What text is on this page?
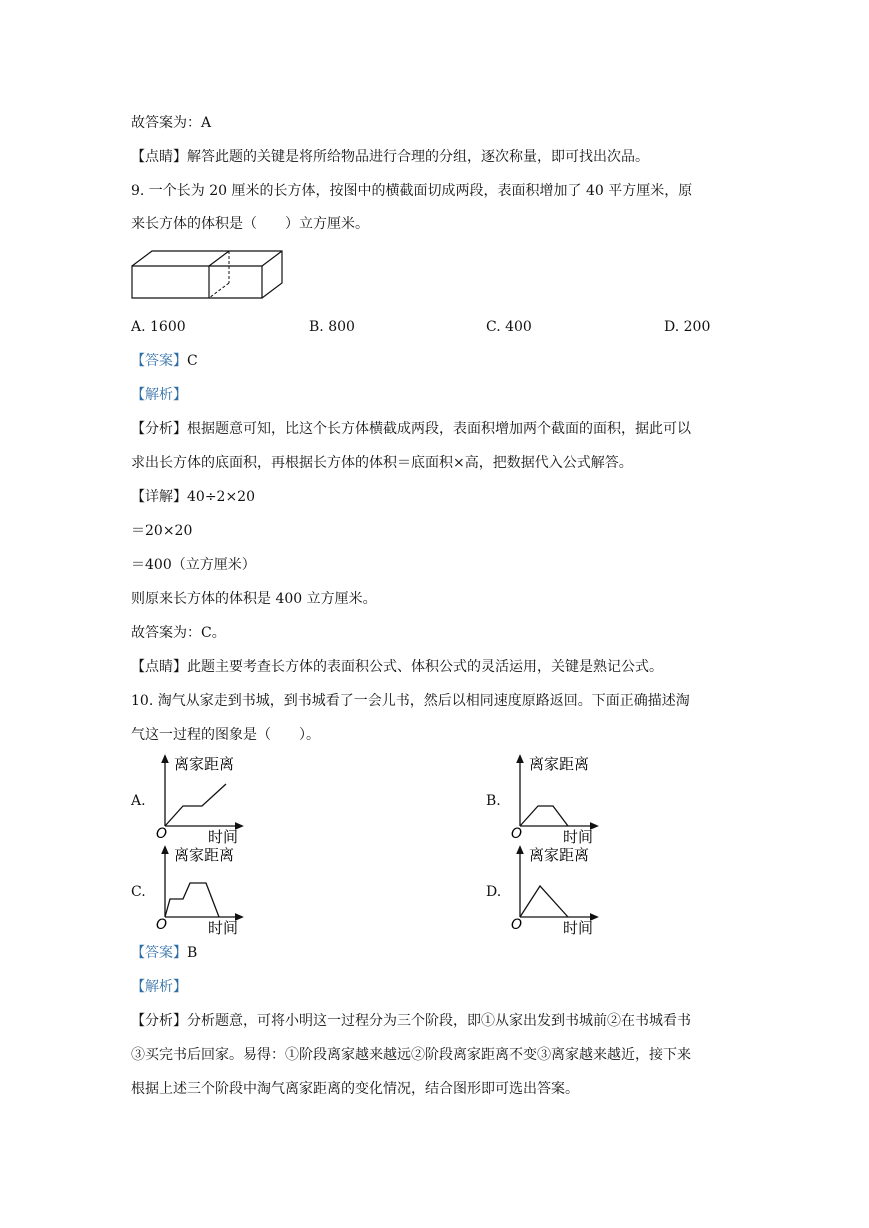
故答案为：A
【点睛】解答此题的关键是将所给物品进行合理的分组，逐次称量，即可找出次品。
9. 一个长为 20 厘米的长方体，按图中的横截面切成两段，表面积增加了 40 平方厘米，原
来长方体的体积是（　　）立方厘米。
A. 1600	B. 800	C. 400	D. 200
【答案】C
【解析】
【分析】根据题意可知，比这个长方体横截成两段，表面积增加两个截面的面积，据此可以
求出长方体的底面积，再根据长方体的体积＝底面积×高，把数据代入公式解答。
【详解】40÷2×20
＝20×20
＝400（立方厘米）
则原来长方体的体积是 400 立方厘米。
故答案为：C。
【点睛】此题主要考查长方体的表面积公式、体积公式的灵活运用，关键是熟记公式。
10. 淘气从家走到书城，到书城看了一会儿书，然后以相同速度原路返回。下面正确描述淘
气这一过程的图象是（　　）。
A.
O
离家距离
时间
B.
O
离家距离
时间
C.
O
离家距离
时间
D.
O
离家距离
时间
【答案】B
【解析】
【分析】分析题意，可将小明这一过程分为三个阶段，即①从家出发到书城前②在书城看书
③买完书后回家。易得：①阶段离家越来越远②阶段离家距离不变③离家越来越近，接下来
根据上述三个阶段中淘气离家距离的变化情况，结合图形即可选出答案。
